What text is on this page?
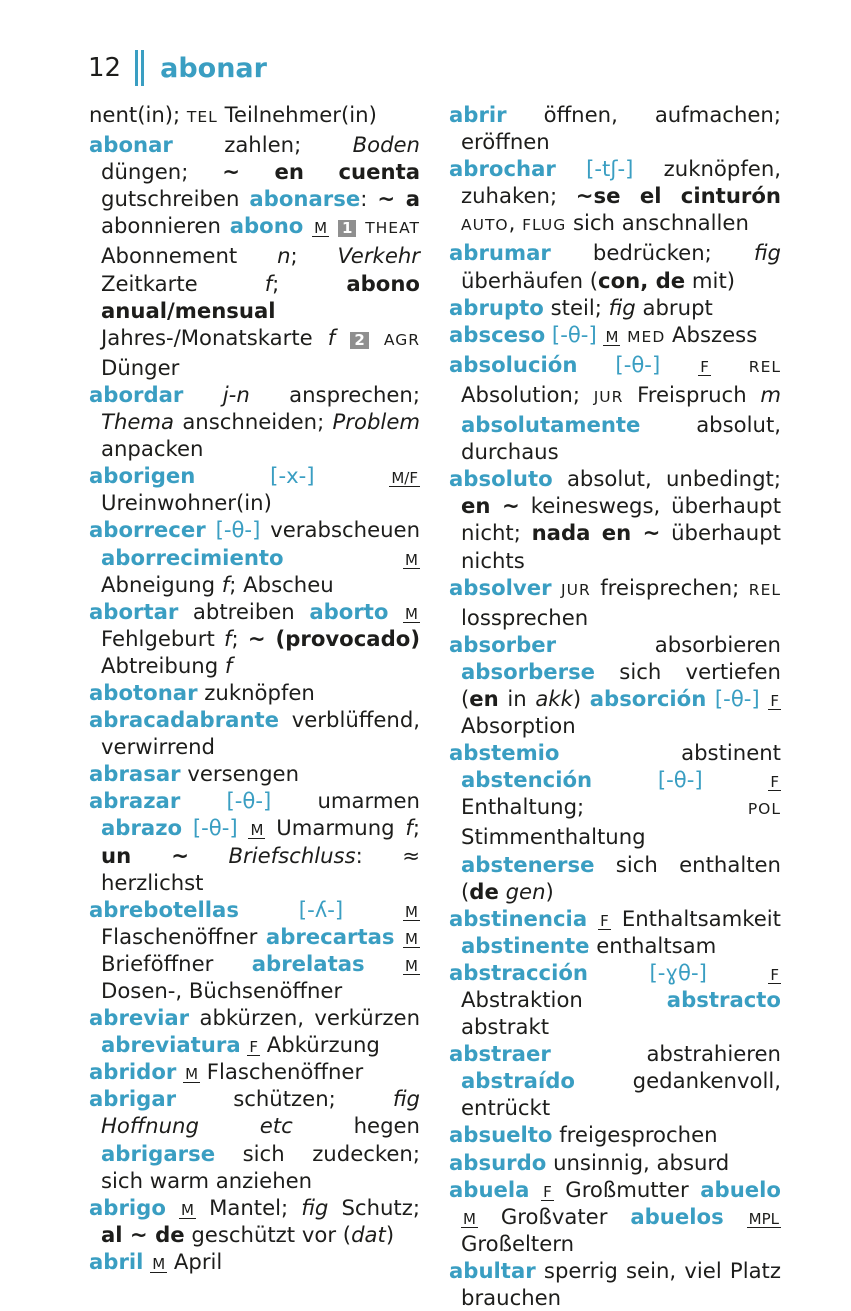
12 abonar
nent(in); TEL Teilnehmer(in)
abonar zahlen; Boden düngen; ~ en cuenta gutschreiben abonarse: ~ a abonnieren abono M 1 THEAT Abonnement n; Verkehr Zeitkarte f; abono anual/mensual Jahres-/Monatskarte f 2 AGR Dünger
abordar j-n ansprechen; Thema anschneiden; Problem anpacken
aborigen	[-x-]	M/F Ureinwohner(in)
aborrecer [-θ-] verabscheuen aborrecimiento	M Abneigung f; Abscheu
abortar abtreiben aborto M Fehlgeburt f; ~ (provocado) Abtreibung f
abotonar zuknöpfen
abracadabrante verblüffend, verwirrend
abrasar versengen
abrazar [-θ-] umarmen abrazo [-θ-] M Umarmung f; un ~ Briefschluss: ≈ herzlichst
abrebotellas	[-ʎ-]	M Flaschenöffner abrecartas M Brieföffner abrelatas	M Dosen-, Büchsenöffner
abreviar abkürzen, verkürzen abreviatura F Abkürzung
abridor M Flaschenöffner
abrigar schützen; fig Hoffnung etc hegen abrigarse sich zudecken; sich warm anziehen
abrigo M Mantel; fig Schutz; al ~ de geschützt vor (dat)
abril M April
abrir öffnen, aufmachen; eröffnen
abrochar [-tʃ-] zuknöpfen, zuhaken; ~se el cinturón AUTO, FLUG sich anschnallen
abrumar bedrücken; fig überhäufen (con, de mit)
abrupto steil; fig abrupt
absceso [-θ-] M MED Abszess
absolución [-θ-]	F	REL Absolution; JUR Freispruch m absolutamente absolut, durchaus
absoluto absolut, unbedingt; en ~ keineswegs, überhaupt nicht; nada en ~ überhaupt nichts
absolver JUR freisprechen; REL lossprechen
absorber absorbieren absorberse sich vertiefen (en in akk) absorción [-θ-] F Absorption
abstemio abstinent abstención	[-θ-]	F Enthaltung; POL Stimmenthaltung abstenerse sich enthalten (de gen)
abstinencia F Enthaltsamkeit abstinente enthaltsam
abstracción	[-ɣθ-]	F Abstraktion abstracto abstrakt
abstraer abstrahieren abstraído gedankenvoll, entrückt
absuelto freigesprochen
absurdo unsinnig, absurd
abuela F Großmutter abuelo M Großvater abuelos MPL Großeltern
abultar sperrig sein, viel Platz brauchen
